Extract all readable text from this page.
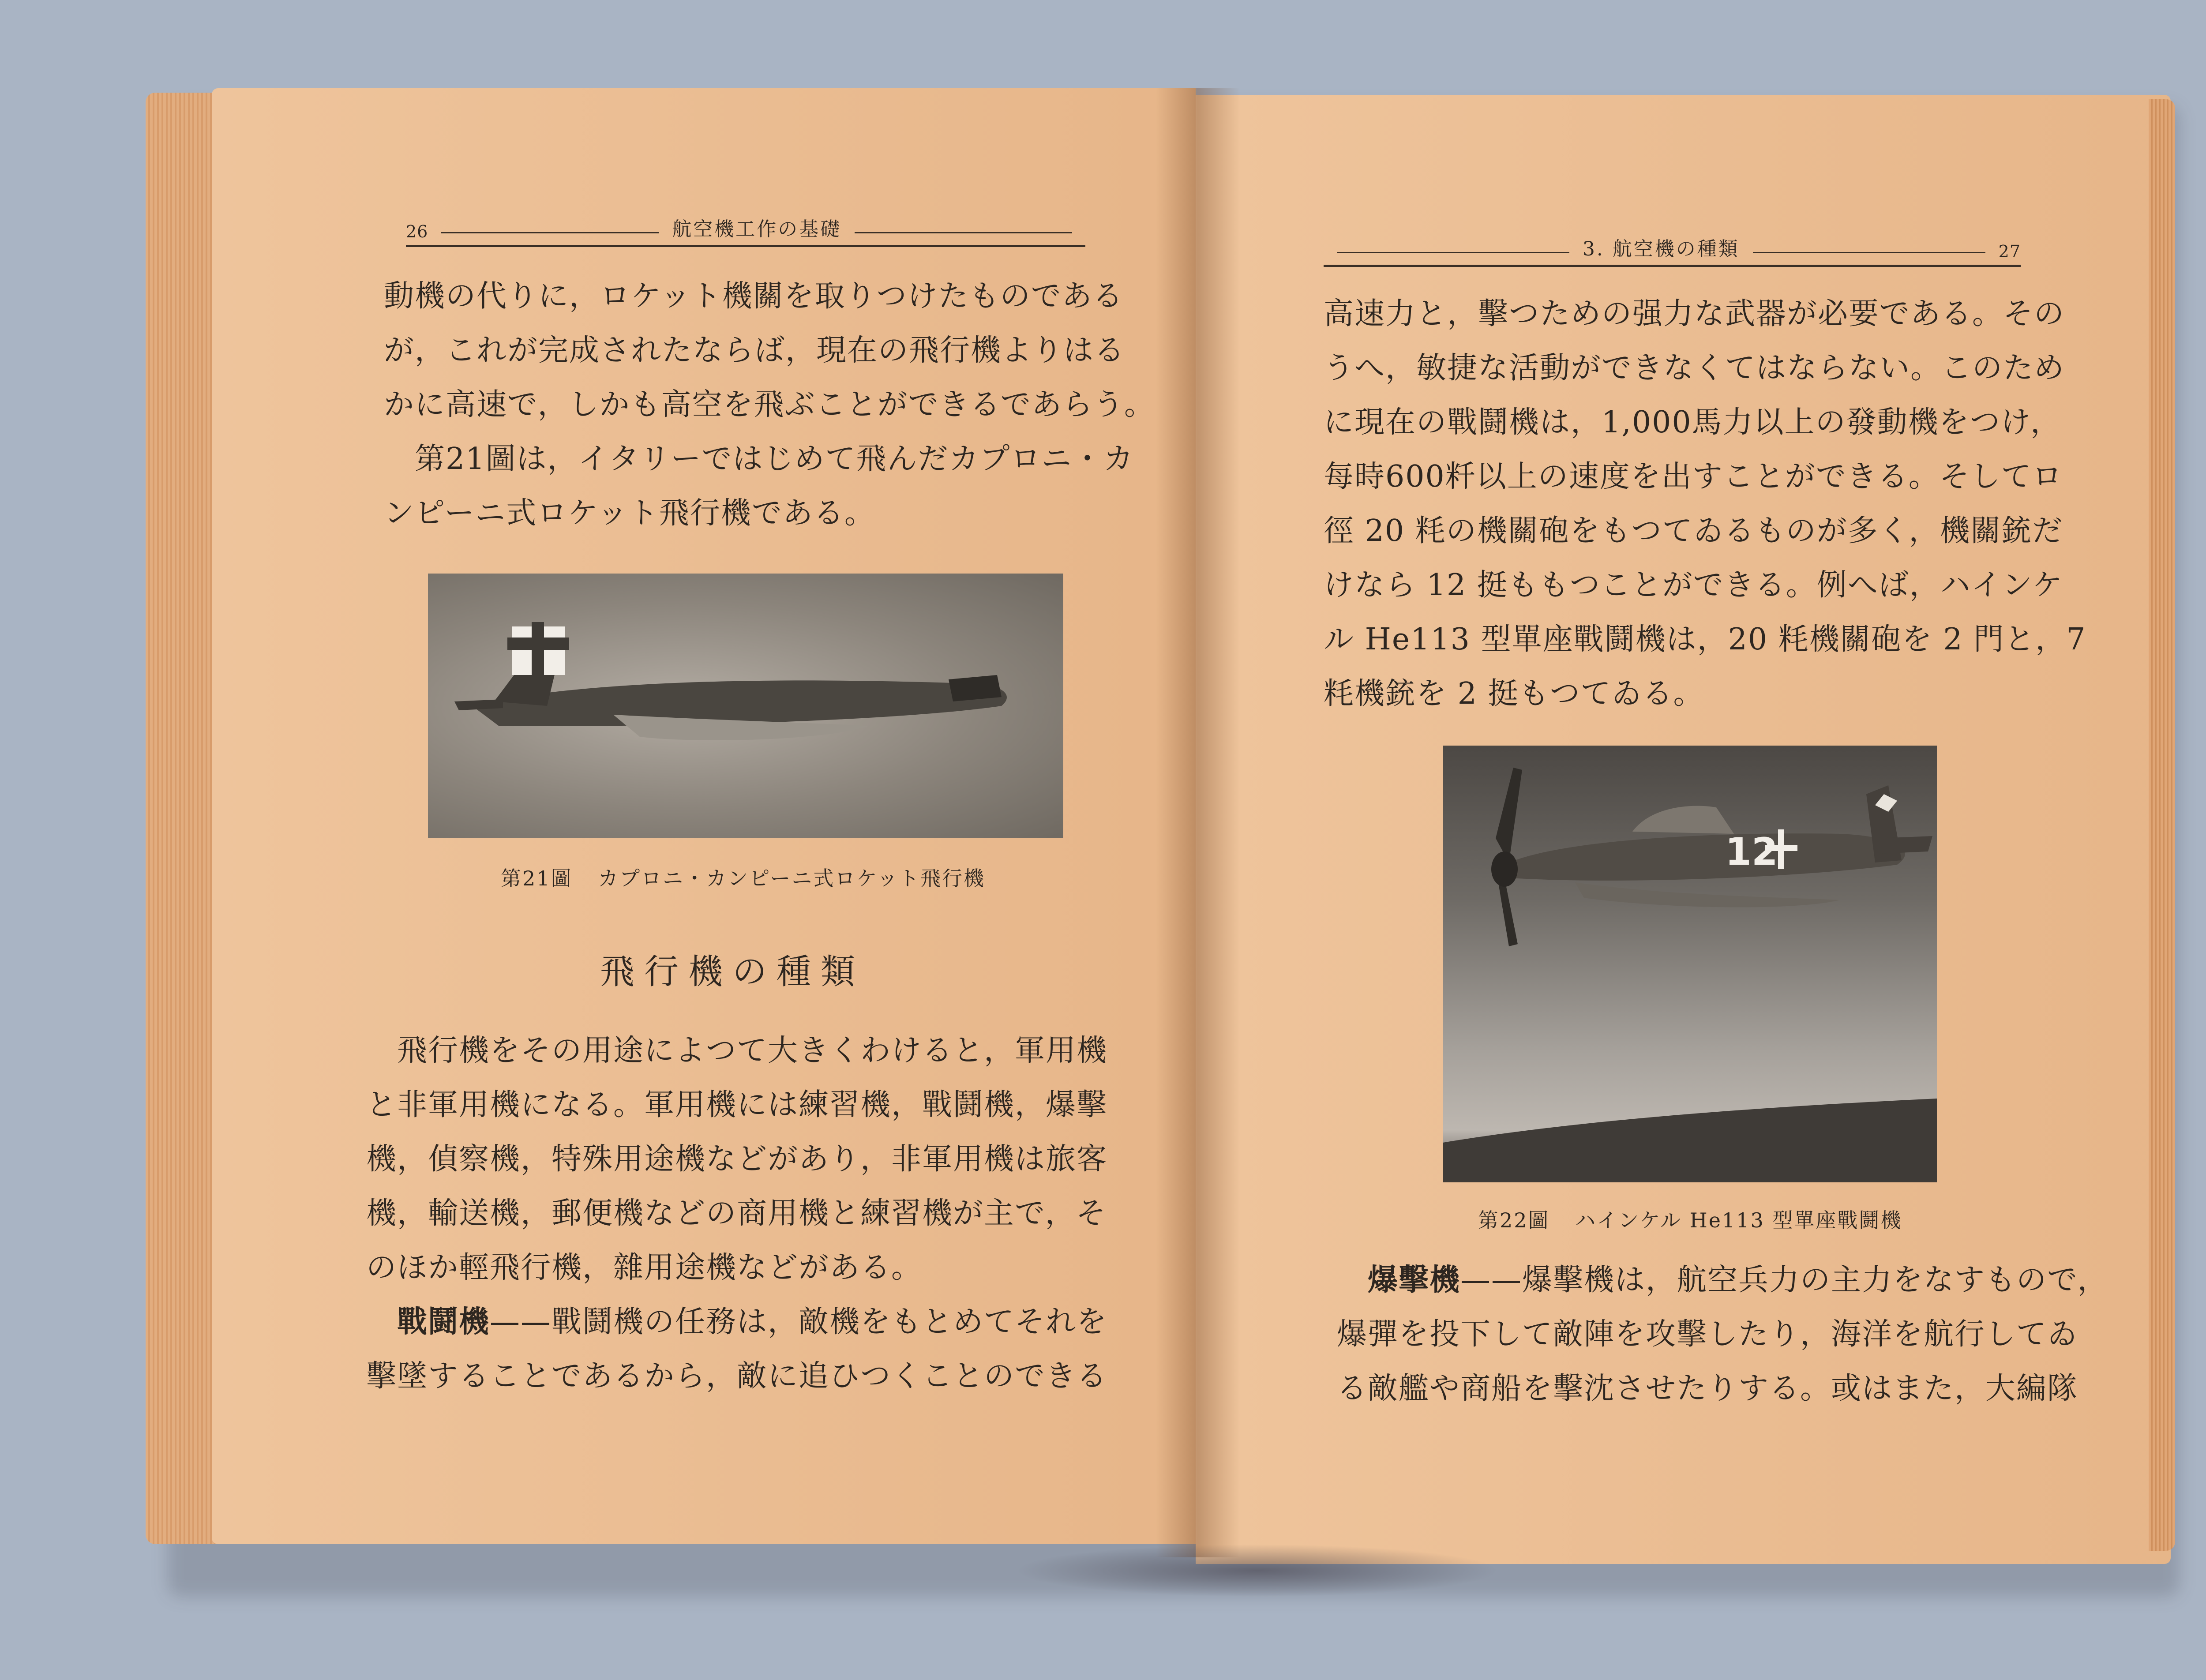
26	航空機工作の基礎

動機の代りに，ロケット機關を取りつけたものである

が，これが完成されたならば，現在の飛行機よりはる

かに高速で，しかも高空を飛ぶことができるであらう。

第21圖は，イタリーではじめて飛んだカプロニ・カ

ンピーニ式ロケット飛行機である。

第21圖 カプロニ・カンピーニ式ロケット飛行機
飛行機の種類

飛行機をその用途によつて大きくわけると，軍用機

と非軍用機になる。軍用機には練習機，戰鬪機，爆擊

機，偵察機，特殊用途機などがあり，非軍用機は旅客

機，輸送機，郵便機などの商用機と練習機が主で，そ

のほか輕飛行機，雜用途機などがある。

戰鬪機——戰鬪機の任務は，敵機をもとめてそれを

擊墜することであるから，敵に追ひつくことのできる

3. 航空機の種類	27

高速力と，擊つための强力な武器が必要である。その

うへ，敏捷な活動ができなくてはならない。このため

に現在の戰鬪機は，1,000馬力以上の發動機をつけ，

每時600粁以上の速度を出すことができる。そしてロ

徑 20 粍の機關砲をもつてゐるものが多く，機關銃だ

けなら 12 挺ももつことができる。例へば，ハインケ

ル He113 型單座戰鬪機は，20 粍機關砲を 2 門と，7

粍機銃を 2 挺もつてゐる。

12
第22圖 ハインケル He113 型單座戰鬪機

爆擊機——爆擊機は，航空兵力の主力をなすもので，

爆彈を投下して敵陣を攻擊したり，海洋を航行してゐ

る敵艦や商船を擊沈させたりする。或はまた，大編隊
